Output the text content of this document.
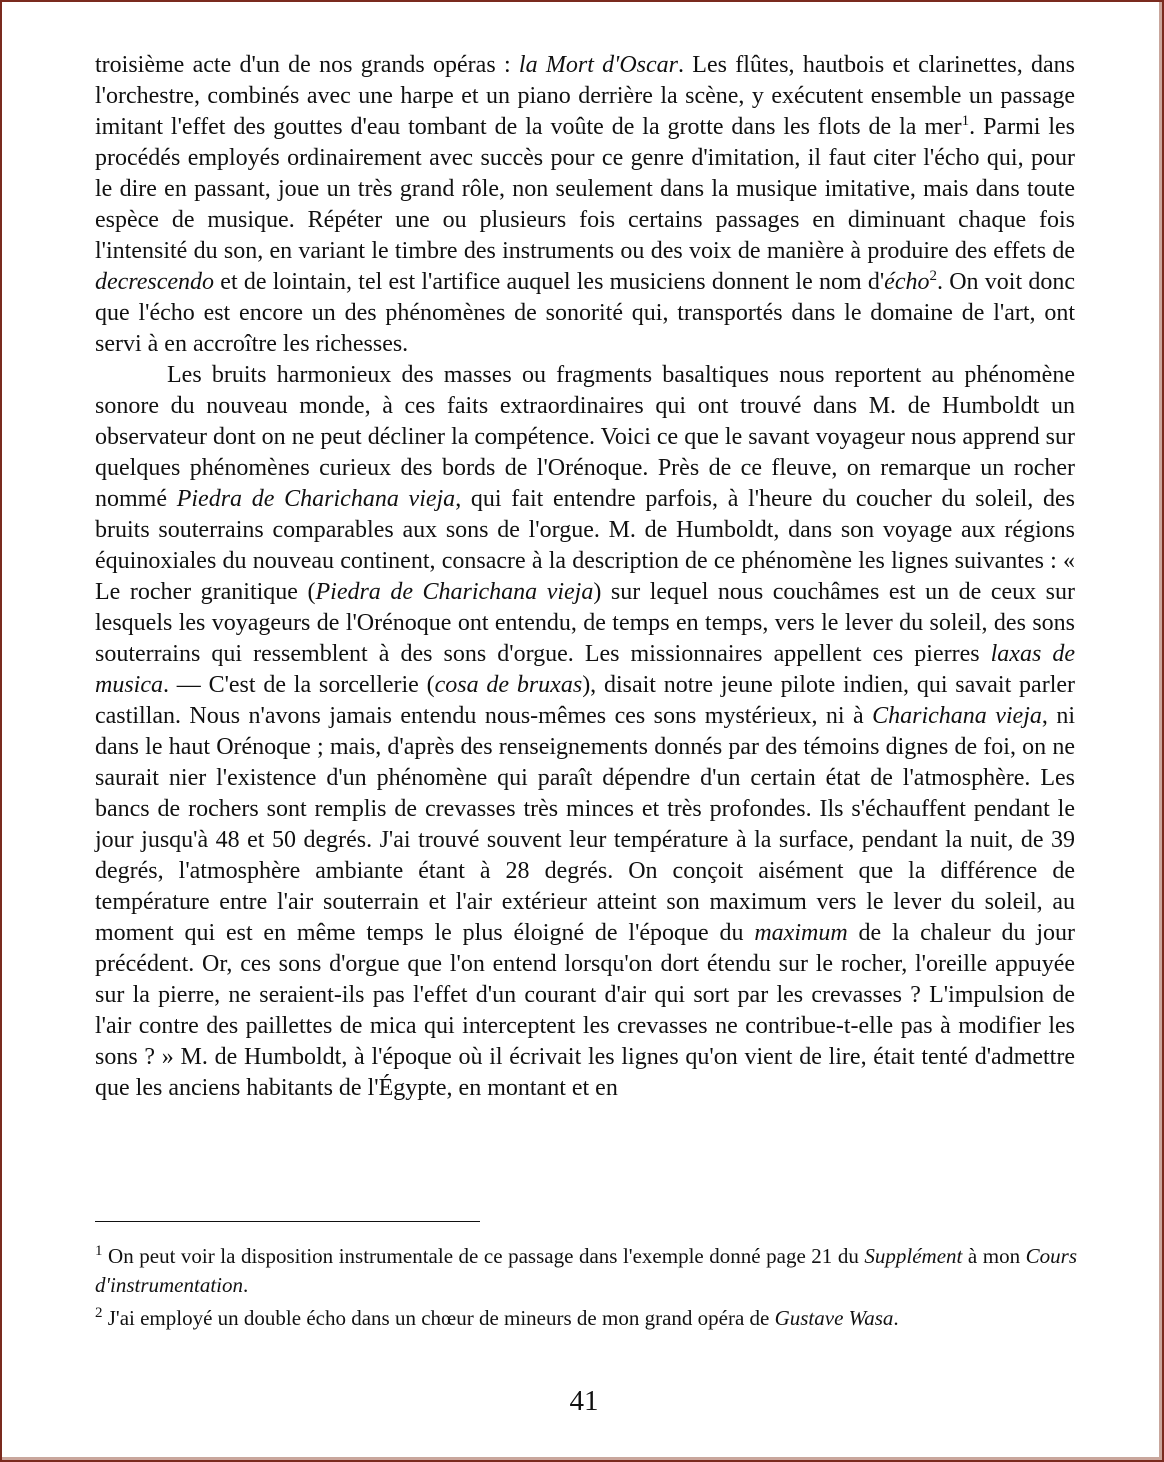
troisième acte d'un de nos grands opéras : la Mort d'Oscar. Les flûtes, hautbois et clarinettes, dans l'orchestre, combinés avec une harpe et un piano derrière la scène, y exécutent ensemble un passage imitant l'effet des gouttes d'eau tombant de la voûte de la grotte dans les flots de la mer$^1$. Parmi les procédés employés ordinairement avec succès pour ce genre d'imitation, il faut citer l'écho qui, pour le dire en passant, joue un très grand rôle, non seulement dans la musique imitative, mais dans toute espèce de musique. Répéter une ou plusieurs fois certains passages en diminuant chaque fois l'intensité du son, en variant le timbre des instruments ou des voix de manière à produire des effets de decrescendo et de lointain, tel est l'artifice auquel les musiciens donnent le nom d'écho$^2$. On voit donc que l'écho est encore un des phénomènes de sonorité qui, transportés dans le domaine de l'art, ont servi à en accroître les richesses.

Les bruits harmonieux des masses ou fragments basaltiques nous reportent au phénomène sonore du nouveau monde, à ces faits extraordinaires qui ont trouvé dans M. de Humboldt un observateur dont on ne peut décliner la compétence. Voici ce que le savant voyageur nous apprend sur quelques phénomènes curieux des bords de l'Orénoque. Près de ce fleuve, on remarque un rocher nommé Piedra de Charichana vieja, qui fait entendre parfois, à l'heure du coucher du soleil, des bruits souterrains comparables aux sons de l'orgue. M. de Humboldt, dans son voyage aux régions équinoxiales du nouveau continent, consacre à la description de ce phénomène les lignes suivantes : « Le rocher granitique (Piedra de Charichana vieja) sur lequel nous couchâmes est un de ceux sur lesquels les voyageurs de l'Orénoque ont entendu, de temps en temps, vers le lever du soleil, des sons souterrains qui ressemblent à des sons d'orgue. Les missionnaires appellent ces pierres laxas de musica. — C'est de la sorcellerie (cosa de bruxas), disait notre jeune pilote indien, qui savait parler castillan. Nous n'avons jamais entendu nous-mêmes ces sons mystérieux, ni à Charichana vieja, ni dans le haut Orénoque ; mais, d'après des renseignements donnés par des témoins dignes de foi, on ne saurait nier l'existence d'un phénomène qui paraît dépendre d'un certain état de l'atmosphère. Les bancs de rochers sont remplis de crevasses très minces et très profondes. Ils s'échauffent pendant le jour jusqu'à 48 et 50 degrés. J'ai trouvé souvent leur température à la surface, pendant la nuit, de 39 degrés, l'atmosphère ambiante étant à 28 degrés. On conçoit aisément que la différence de température entre l'air souterrain et l'air extérieur atteint son maximum vers le lever du soleil, au moment qui est en même temps le plus éloigné de l'époque du maximum de la chaleur du jour précédent. Or, ces sons d'orgue que l'on entend lorsqu'on dort étendu sur le rocher, l'oreille appuyée sur la pierre, ne seraient-ils pas l'effet d'un courant d'air qui sort par les crevasses ? L'impulsion de l'air contre des paillettes de mica qui interceptent les crevasses ne contribue-t-elle pas à modifier les sons ? » M. de Humboldt, à l'époque où il écrivait les lignes qu'on vient de lire, était tenté d'admettre que les anciens habitants de l'Égypte, en montant et en

$^1$ On peut voir la disposition instrumentale de ce passage dans l'exemple donné page 21 du Supplément à mon Cours d'instrumentation.

$^2$ J'ai employé un double écho dans un chœur de mineurs de mon grand opéra de Gustave Wasa.

41
